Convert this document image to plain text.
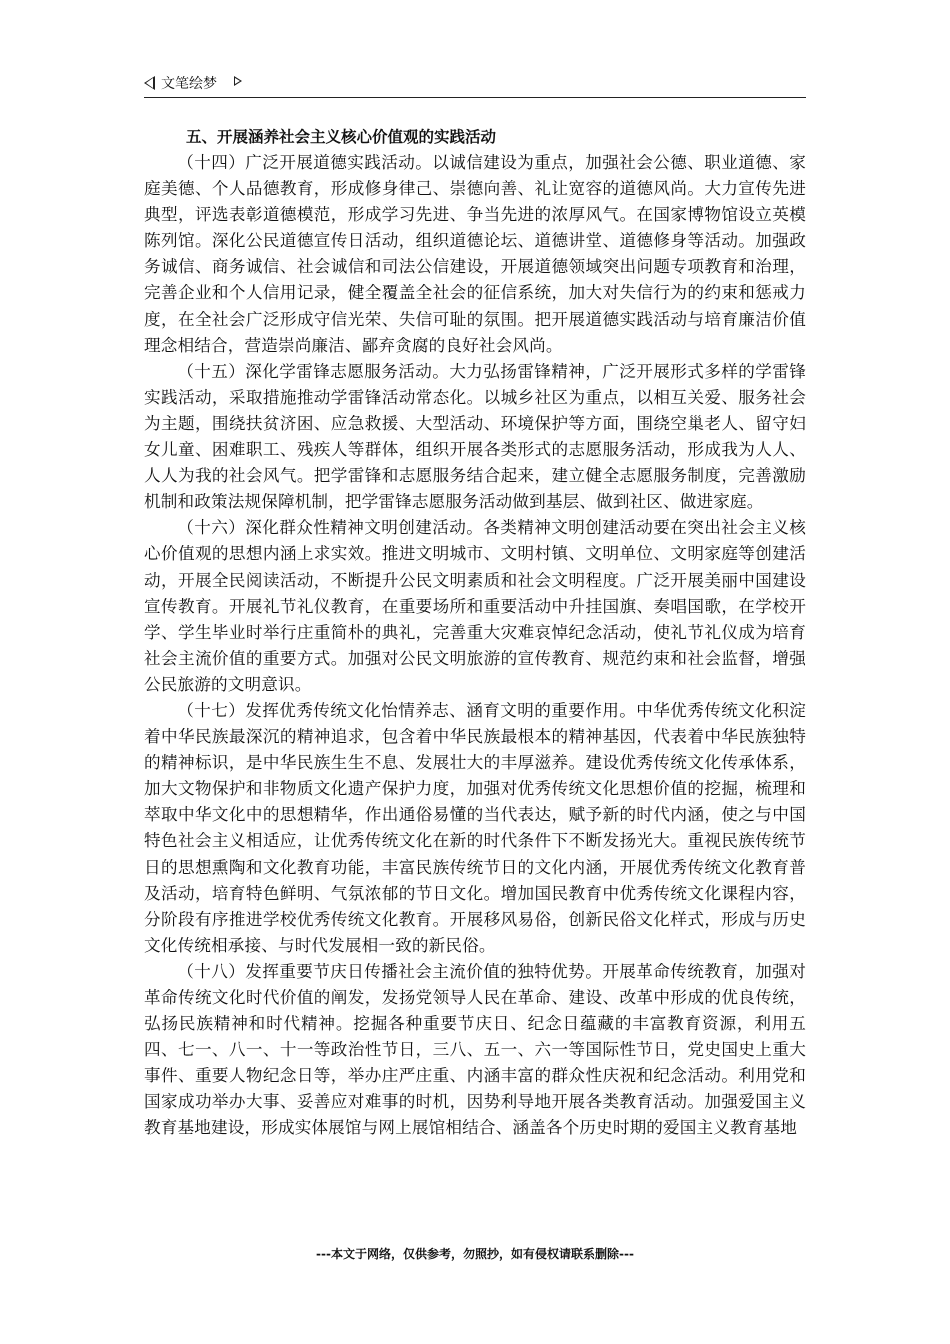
文笔绘梦
五、开展涵养社会主义核心价值观的实践活动

（十四）广泛开展道德实践活动。以诚信建设为重点，加强社会公德、职业道德、家庭美德、个人品德教育，形成修身律己、崇德向善、礼让宽容的道德风尚。大力宣传先进典型，评选表彰道德模范，形成学习先进、争当先进的浓厚风气。在国家博物馆设立英模陈列馆。深化公民道德宣传日活动，组织道德论坛、道德讲堂、道德修身等活动。加强政务诚信、商务诚信、社会诚信和司法公信建设，开展道德领域突出问题专项教育和治理，完善企业和个人信用记录，健全覆盖全社会的征信系统，加大对失信行为的约束和惩戒力度，在全社会广泛形成守信光荣、失信可耻的氛围。把开展道德实践活动与培育廉洁价值理念相结合，营造崇尚廉洁、鄙弃贪腐的良好社会风尚。

（十五）深化学雷锋志愿服务活动。大力弘扬雷锋精神，广泛开展形式多样的学雷锋实践活动，采取措施推动学雷锋活动常态化。以城乡社区为重点，以相互关爱、服务社会为主题，围绕扶贫济困、应急救援、大型活动、环境保护等方面，围绕空巢老人、留守妇女儿童、困难职工、残疾人等群体，组织开展各类形式的志愿服务活动，形成我为人人、人人为我的社会风气。把学雷锋和志愿服务结合起来，建立健全志愿服务制度，完善激励机制和政策法规保障机制，把学雷锋志愿服务活动做到基层、做到社区、做进家庭。

（十六）深化群众性精神文明创建活动。各类精神文明创建活动要在突出社会主义核心价值观的思想内涵上求实效。推进文明城市、文明村镇、文明单位、文明家庭等创建活动，开展全民阅读活动，不断提升公民文明素质和社会文明程度。广泛开展美丽中国建设宣传教育。开展礼节礼仪教育，在重要场所和重要活动中升挂国旗、奏唱国歌，在学校开学、学生毕业时举行庄重简朴的典礼，完善重大灾难哀悼纪念活动，使礼节礼仪成为培育社会主流价值的重要方式。加强对公民文明旅游的宣传教育、规范约束和社会监督，增强公民旅游的文明意识。

（十七）发挥优秀传统文化怡情养志、涵育文明的重要作用。中华优秀传统文化积淀着中华民族最深沉的精神追求，包含着中华民族最根本的精神基因，代表着中华民族独特的精神标识，是中华民族生生不息、发展壮大的丰厚滋养。建设优秀传统文化传承体系，加大文物保护和非物质文化遗产保护力度，加强对优秀传统文化思想价值的挖掘，梳理和萃取中华文化中的思想精华，作出通俗易懂的当代表达，赋予新的时代内涵，使之与中国特色社会主义相适应，让优秀传统文化在新的时代条件下不断发扬光大。重视民族传统节日的思想熏陶和文化教育功能，丰富民族传统节日的文化内涵，开展优秀传统文化教育普及活动，培育特色鲜明、气氛浓郁的节日文化。增加国民教育中优秀传统文化课程内容，分阶段有序推进学校优秀传统文化教育。开展移风易俗，创新民俗文化样式，形成与历史文化传统相承接、与时代发展相一致的新民俗。

（十八）发挥重要节庆日传播社会主流价值的独特优势。开展革命传统教育，加强对革命传统文化时代价值的阐发，发扬党领导人民在革命、建设、改革中形成的优良传统，弘扬民族精神和时代精神。挖掘各种重要节庆日、纪念日蕴藏的丰富教育资源，利用五四、七一、八一、十一等政治性节日，三八、五一、六一等国际性节日，党史国史上重大事件、重要人物纪念日等，举办庄严庄重、内涵丰富的群众性庆祝和纪念活动。利用党和国家成功举办大事、妥善应对难事的时机，因势利导地开展各类教育活动。加强爱国主义教育基地建设，形成实体展馆与网上展馆相结合、涵盖各个历史时期的爱国主义教育基地

---本文于网络，仅供参考，勿照抄，如有侵权请联系删除---
